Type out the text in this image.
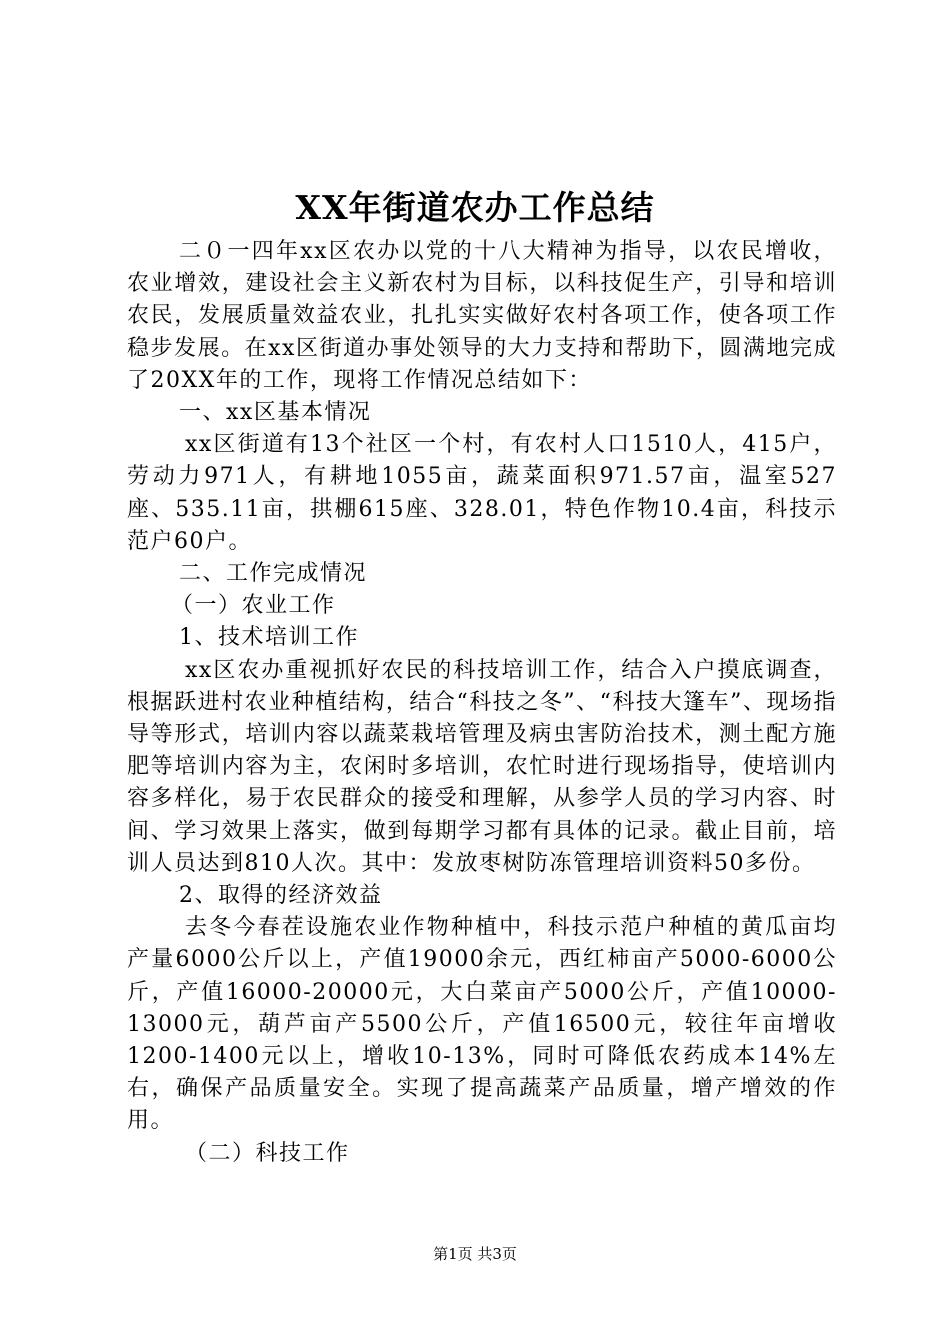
XX年街道农办工作总结

二０一四年xx区农办以党的十八大精神为指导，以农民增收，农业增效，建设社会主义新农村为目标，以科技促生产，引导和培训农民，发展质量效益农业，扎扎实实做好农村各项工作，使各项工作稳步发展。在xx区街道办事处领导的大力支持和帮助下，圆满地完成了20XX年的工作，现将工作情况总结如下：

一、xx区基本情况

xx区街道有13个社区一个村，有农村人口1510人，415户，劳动力971人，有耕地1055亩，蔬菜面积971.57亩，温室527座、535.11亩，拱棚615座、328.01，特色作物10.4亩，科技示范户60户。

二、工作完成情况

（一）农业工作

1、技术培训工作

xx区农办重视抓好农民的科技培训工作，结合入户摸底调查，根据跃进村农业种植结构，结合“科技之冬”、“科技大篷车”、现场指导等形式，培训内容以蔬菜栽培管理及病虫害防治技术，测土配方施肥等培训内容为主，农闲时多培训，农忙时进行现场指导，使培训内容多样化，易于农民群众的接受和理解，从参学人员的学习内容、时间、学习效果上落实，做到每期学习都有具体的记录。截止目前，培训人员达到810人次。其中：发放枣树防冻管理培训资料50多份。

2、取得的经济效益

去冬今春茬设施农业作物种植中，科技示范户种植的黄瓜亩均产量6000公斤以上，产值19000余元，西红柿亩产5000-6000公斤，产值16000-20000元，大白菜亩产5000公斤，产值10000-13000元，葫芦亩产5500公斤，产值16500元，较往年亩增收1200-1400元以上，增收10-13%，同时可降低农药成本14%左右，确保产品质量安全。实现了提高蔬菜产品质量，增产增效的作用。

（二）科技工作

第1页 共3页
